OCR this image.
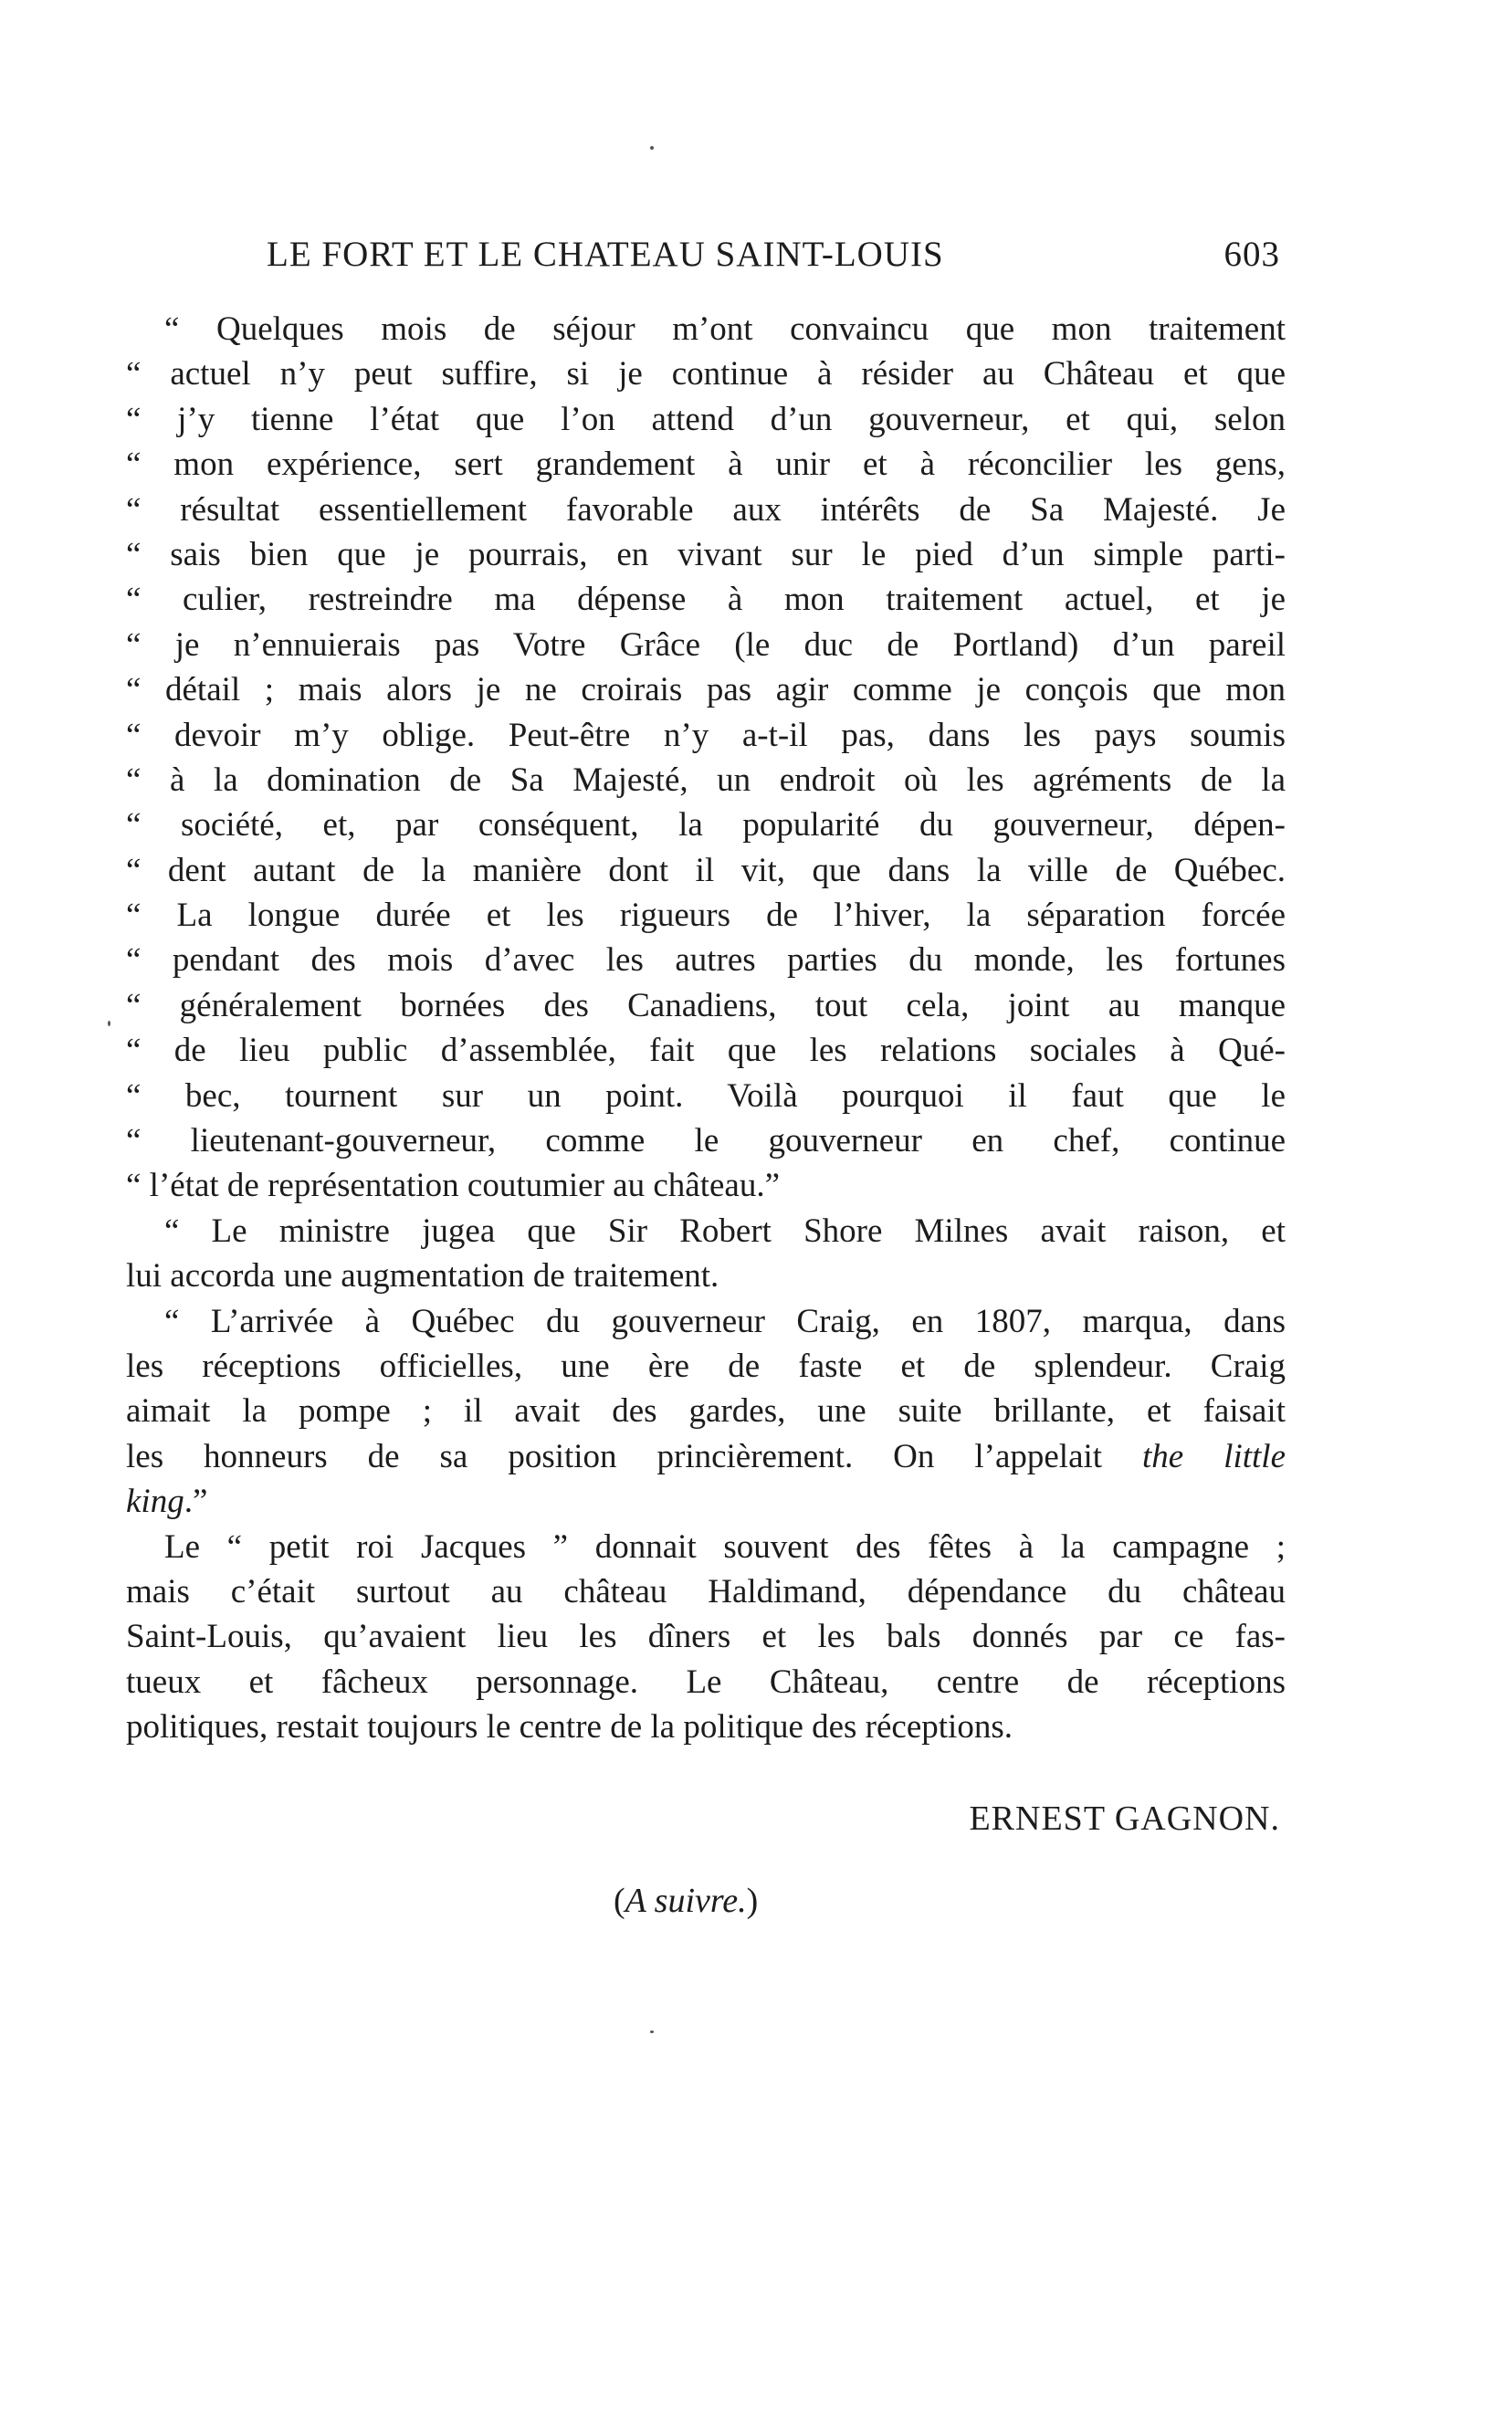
LE FORT ET LE CHATEAU SAINT-LOUIS	603
“ Quelques mois de séjour m’ont convaincu que mon traitement
“ actuel n’y peut suffire, si je continue à résider au Château et que
“ j’y tienne l’état que l’on attend d’un gouverneur, et qui, selon
“ mon expérience, sert grandement à unir et à réconcilier les gens,
“ résultat essentiellement favorable aux intérêts de Sa Majesté. Je
“ sais bien que je pourrais, en vivant sur le pied d’un simple parti-
“ culier, restreindre ma dépense à mon traitement actuel, et je
“ je n’ennuierais pas Votre Grâce (le duc de Portland) d’un pareil
“ détail ; mais alors je ne croirais pas agir comme je conçois que mon
“ devoir m’y oblige. Peut-être n’y a-t-il pas, dans les pays soumis
“ à la domination de Sa Majesté, un endroit où les agréments de la
“ société, et, par conséquent, la popularité du gouverneur, dépen-
“ dent autant de la manière dont il vit, que dans la ville de Québec.
“ La longue durée et les rigueurs de l’hiver, la séparation forcée
“ pendant des mois d’avec les autres parties du monde, les fortunes
“ généralement bornées des Canadiens, tout cela, joint au manque
“ de lieu public d’assemblée, fait que les relations sociales à Qué-
“ bec, tournent sur un point. Voilà pourquoi il faut que le
“ lieutenant-gouverneur, comme le gouverneur en chef, continue
“ l’état de représentation coutumier au château.”
“ Le ministre jugea que Sir Robert Shore Milnes avait raison, et
lui accorda une augmentation de traitement.
“ L’arrivée à Québec du gouverneur Craig, en 1807, marqua, dans
les réceptions officielles, une ère de faste et de splendeur. Craig
aimait la pompe ; il avait des gardes, une suite brillante, et faisait
les honneurs de sa position princièrement. On l’appelait the little
king.”
Le “ petit roi Jacques ” donnait souvent des fêtes à la campagne ;
mais c’était surtout au château Haldimand, dépendance du château
Saint-Louis, qu’avaient lieu les dîners et les bals donnés par ce fas-
tueux et fâcheux personnage. Le Château, centre de réceptions
politiques, restait toujours le centre de la politique des réceptions.
ERNEST GAGNON.
(A suivre.)
